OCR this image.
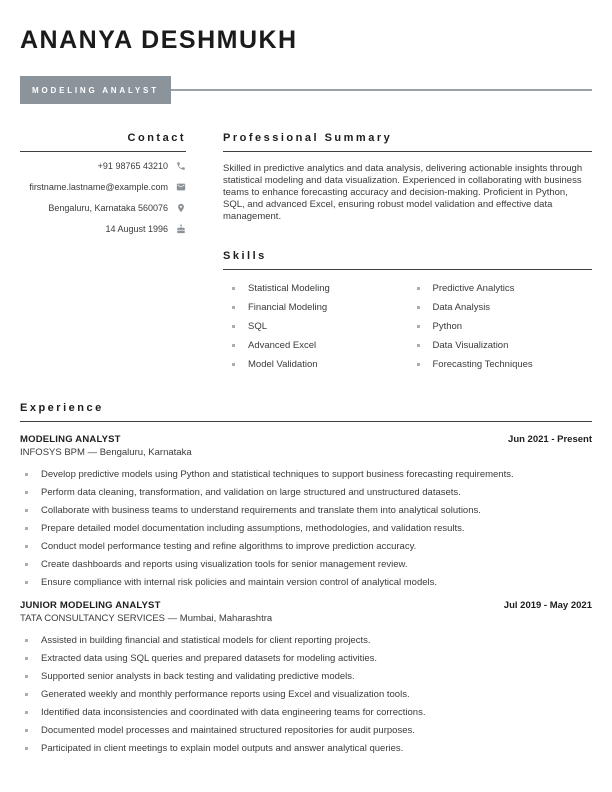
ANANYA DESHMUKH
MODELING ANALYST
Contact
+91 98765 43210
firstname.lastname@example.com
Bengaluru, Karnataka 560076
14 August 1996
Professional Summary

Skilled in predictive analytics and data analysis, delivering actionable insights through statistical modeling and data visualization. Experienced in collaborating with business teams to enhance forecasting accuracy and decision-making. Proficient in Python, SQL, and advanced Excel, ensuring robust model validation and effective data management.

Skills
Statistical Modeling
Financial Modeling
SQL
Advanced Excel
Model Validation
Predictive Analytics
Data Analysis
Python
Data Visualization
Forecasting Techniques
Experience
MODELING ANALYST
INFOSYS BPM — Bengaluru, Karnataka
Jun 2021 - Present
Develop predictive models using Python and statistical techniques to support business forecasting requirements.
Perform data cleaning, transformation, and validation on large structured and unstructured datasets.
Collaborate with business teams to understand requirements and translate them into analytical solutions.
Prepare detailed model documentation including assumptions, methodologies, and validation results.
Conduct model performance testing and refine algorithms to improve prediction accuracy.
Create dashboards and reports using visualization tools for senior management review.
Ensure compliance with internal risk policies and maintain version control of analytical models.
JUNIOR MODELING ANALYST
TATA CONSULTANCY SERVICES — Mumbai, Maharashtra
Jul 2019 - May 2021
Assisted in building financial and statistical models for client reporting projects.
Extracted data using SQL queries and prepared datasets for modeling activities.
Supported senior analysts in back testing and validating predictive models.
Generated weekly and monthly performance reports using Excel and visualization tools.
Identified data inconsistencies and coordinated with data engineering teams for corrections.
Documented model processes and maintained structured repositories for audit purposes.
Participated in client meetings to explain model outputs and answer analytical queries.
